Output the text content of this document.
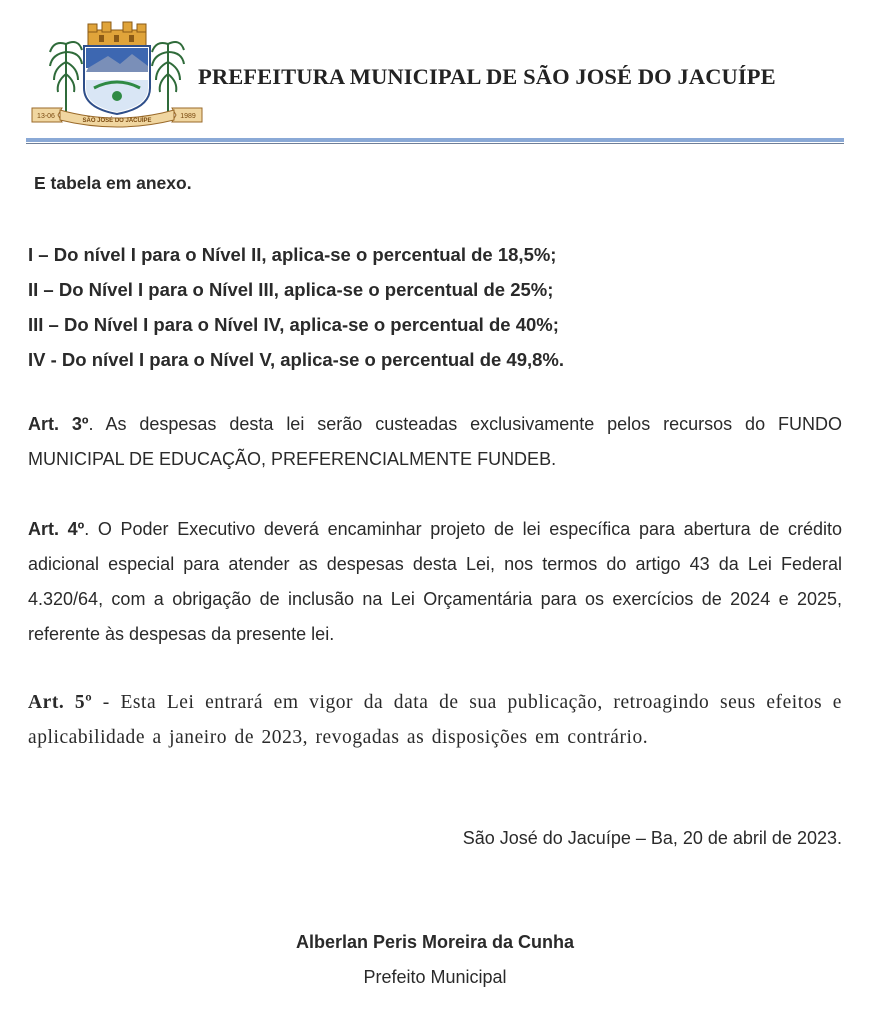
13-06
SÃO JOSÉ DO JACUÍPE
1989
PREFEITURA MUNICIPAL DE SÃO JOSÉ DO JACUÍPE
E tabela em anexo.
I – Do nível I para o Nível II, aplica-se o percentual de 18,5%;
II – Do Nível I para o Nível III, aplica-se o percentual de 25%;
III – Do Nível I para o Nível IV, aplica-se o percentual de 40%;
IV - Do nível I para o Nível V, aplica-se o percentual de 49,8%.

Art. 3º. As despesas desta lei serão custeadas exclusivamente pelos recursos do FUNDO MUNICIPAL DE EDUCAÇÃO, PREFERENCIALMENTE FUNDEB.

Art. 4º. O Poder Executivo deverá encaminhar projeto de lei específica para abertura de crédito adicional especial para atender as despesas desta Lei, nos termos do artigo 43 da Lei Federal 4.320/64, com a obrigação de inclusão na Lei Orçamentária para os exercícios de 2024 e 2025, referente às despesas da presente lei.

Art. 5º - Esta Lei entrará em vigor da data de sua publicação, retroagindo seus efeitos e aplicabilidade a janeiro de 2023, revogadas as disposições em contrário.

São José do Jacuípe – Ba, 20 de abril de 2023.
Alberlan Peris Moreira da Cunha
Prefeito Municipal
